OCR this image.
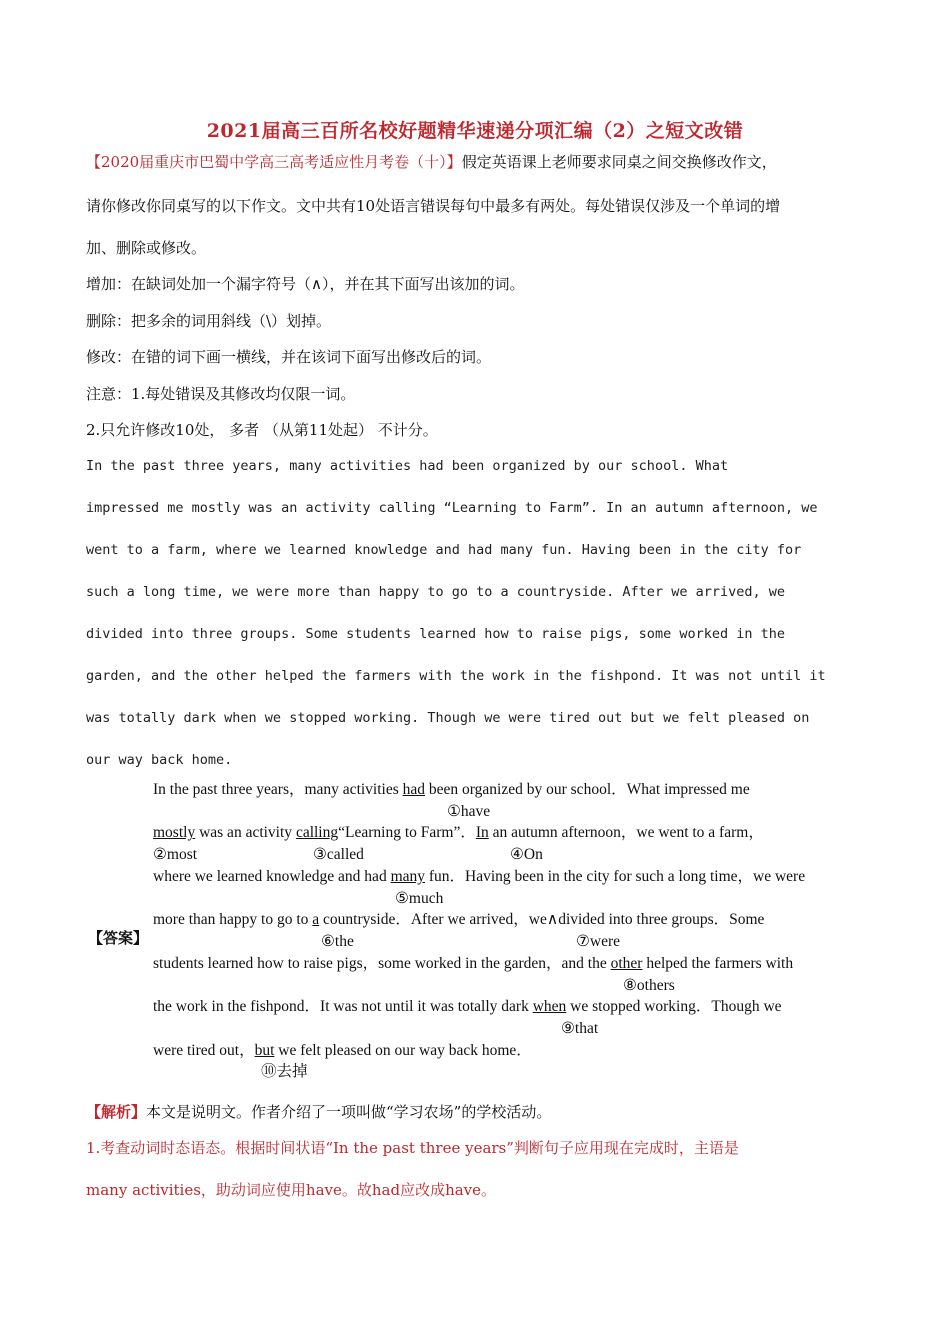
2021届高三百所名校好题精华速递分项汇编（2）之短文改错
【2020届重庆市巴蜀中学高三高考适应性月考卷（十）】假定英语课上老师要求同桌之间交换修改作文，
请你修改你同桌写的以下作文。文中共有10处语言错误每句中最多有两处。每处错误仅涉及一个单词的增
加、删除或修改。
增加：在缺词处加一个漏字符号（∧），并在其下面写出该加的词。
删除：把多余的词用斜线（\）划掉。
修改：在错的词下画一横线，并在该词下面写出修改后的词。
注意：1.每处错误及其修改均仅限一词。
2.只允许修改10处， 多者 （从第11处起） 不计分。
In the past three years, many activities had been organized by our school. What
impressed me mostly was an activity calling “Learning to Farm”. In an autumn afternoon, we
went to a farm, where we learned knowledge and had many fun. Having been in the city for
such a long time, we were more than happy to go to a countryside. After we arrived, we
divided into three groups. Some students learned how to raise pigs, some worked in the
garden, and the other helped the farmers with the work in the fishpond. It was not until it
was totally dark when we stopped working. Though we were tired out but we felt pleased on
our way back home.
【答案】
In the past three years，many activities had been organized by our school．What impressed me
①have
mostly was an activity calling“Learning to Farm”．In an autumn afternoon，we went to a farm，
②most	③called	④On
where we learned knowledge and had many fun．Having been in the city for such a long time，we were
⑤much
more than happy to go to a countryside．After we arrived，we∧divided into three groups．Some
⑥the	⑦were
students learned how to raise pigs，some worked in the garden，and the other helped the farmers with
⑧others
the work in the fishpond．It was not until it was totally dark when we stopped working．Though we
⑨that
were tired out，but we felt pleased on our way back home．
⑩去掉
【解析】本文是说明文。作者介绍了一项叫做“学习农场”的学校活动。
1.考查动词时态语态。根据时间状语“In the past three years”判断句子应用现在完成时，主语是
many activities，助动词应使用have。故had应改成have。
